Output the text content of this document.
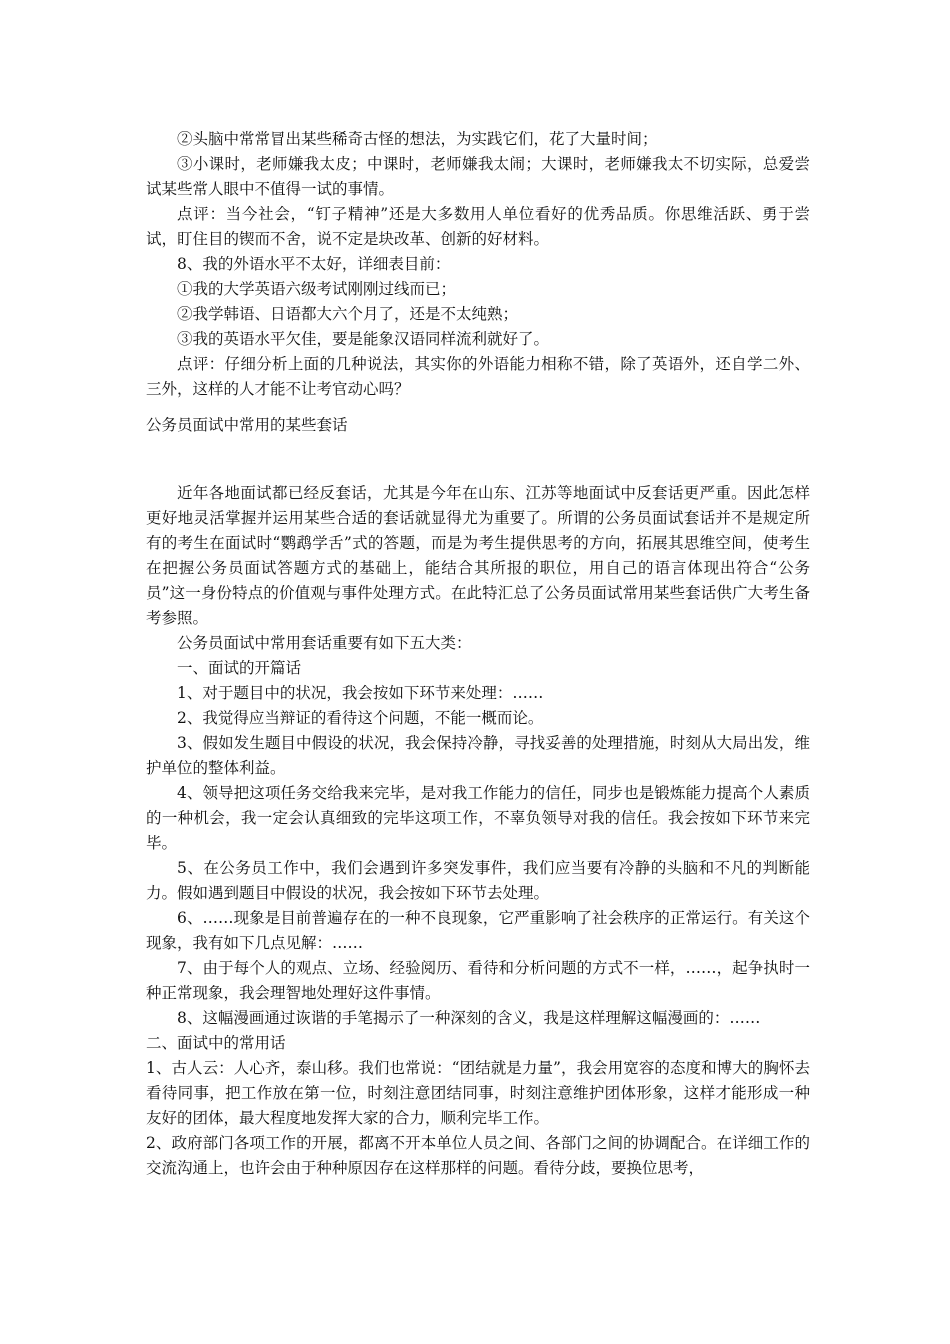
②头脑中常常冒出某些稀奇古怪的想法，为实践它们，花了大量时间；

③小课时，老师嫌我太皮；中课时，老师嫌我太闹；大课时，老师嫌我太不切实际，总爱尝试某些常人眼中不值得一试的事情。

点评：当今社会，“钉子精神”还是大多数用人单位看好的优秀品质。你思维活跃、勇于尝试，盯住目的锲而不舍，说不定是块改革、创新的好材料。

8、我的外语水平不太好，详细表目前：

①我的大学英语六级考试刚刚过线而已；

②我学韩语、日语都大六个月了，还是不太纯熟；

③我的英语水平欠佳，要是能象汉语同样流利就好了。

点评：仔细分析上面的几种说法，其实你的外语能力相称不错，除了英语外，还自学二外、三外，这样的人才能不让考官动心吗？

公务员面试中常用的某些套话

近年各地面试都已经反套话，尤其是今年在山东、江苏等地面试中反套话更严重。因此怎样更好地灵活掌握并运用某些合适的套话就显得尤为重要了。所谓的公务员面试套话并不是规定所有的考生在面试时“鹦鹉学舌”式的答题，而是为考生提供思考的方向，拓展其思维空间，使考生在把握公务员面试答题方式的基础上，能结合其所报的职位，用自己的语言体现出符合“公务员”这一身份特点的价值观与事件处理方式。在此特汇总了公务员面试常用某些套话供广大考生备考参照。

公务员面试中常用套话重要有如下五大类：

一、面试的开篇话

1、对于题目中的状况，我会按如下环节来处理：……

2、我觉得应当辩证的看待这个问题，不能一概而论。

3、假如发生题目中假设的状况，我会保持冷静，寻找妥善的处理措施，时刻从大局出发，维护单位的整体利益。

4、领导把这项任务交给我来完毕，是对我工作能力的信任，同步也是锻炼能力提高个人素质的一种机会，我一定会认真细致的完毕这项工作，不辜负领导对我的信任。我会按如下环节来完毕。

5、在公务员工作中，我们会遇到许多突发事件，我们应当要有冷静的头脑和不凡的判断能力。假如遇到题目中假设的状况，我会按如下环节去处理。

6、……现象是目前普遍存在的一种不良现象，它严重影响了社会秩序的正常运行。有关这个现象，我有如下几点见解：……

7、由于每个人的观点、立场、经验阅历、看待和分析问题的方式不一样，……，起争执时一种正常现象，我会理智地处理好这件事情。

8、这幅漫画通过诙谐的手笔揭示了一种深刻的含义，我是这样理解这幅漫画的：……

二、面试中的常用话

1、古人云：人心齐，泰山移。我们也常说：“团结就是力量”，我会用宽容的态度和博大的胸怀去看待同事，把工作放在第一位，时刻注意团结同事，时刻注意维护团体形象，这样才能形成一种友好的团体，最大程度地发挥大家的合力，顺利完毕工作。

2、政府部门各项工作的开展，都离不开本单位人员之间、各部门之间的协调配合。在详细工作的交流沟通上，也许会由于种种原因存在这样那样的问题。看待分歧，要换位思考，
